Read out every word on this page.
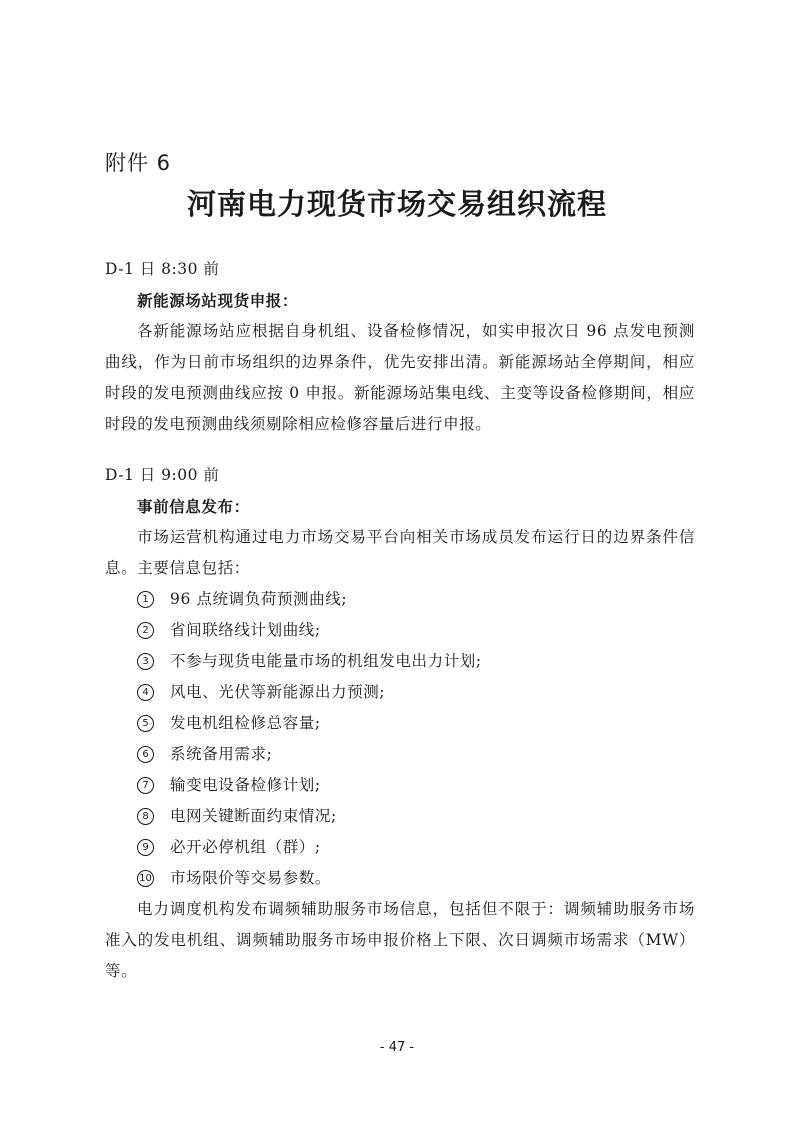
附件 6
河南电力现货市场交易组织流程
D-1 日 8:30 前
新能源场站现货申报：
各新能源场站应根据自身机组、设备检修情况，如实申报次日 96 点发电预测曲线，作为日前市场组织的边界条件，优先安排出清。新能源场站全停期间，相应时段的发电预测曲线应按 0 申报。新能源场站集电线、主变等设备检修期间，相应时段的发电预测曲线须剔除相应检修容量后进行申报。
D-1 日 9:00 前
事前信息发布：
市场运营机构通过电力市场交易平台向相关市场成员发布运行日的边界条件信息。主要信息包括：
1	96 点统调负荷预测曲线;
2	省间联络线计划曲线;
3	不参与现货电能量市场的机组发电出力计划;
4	风电、光伏等新能源出力预测;
5	发电机组检修总容量;
6	系统备用需求;
7	输变电设备检修计划;
8	电网关键断面约束情况;
9	必开必停机组（群）;
10 市场限价等交易参数。
电力调度机构发布调频辅助服务市场信息，包括但不限于：调频辅助服务市场准入的发电机组、调频辅助服务市场申报价格上下限、次日调频市场需求（MW）等。
- 47 -
